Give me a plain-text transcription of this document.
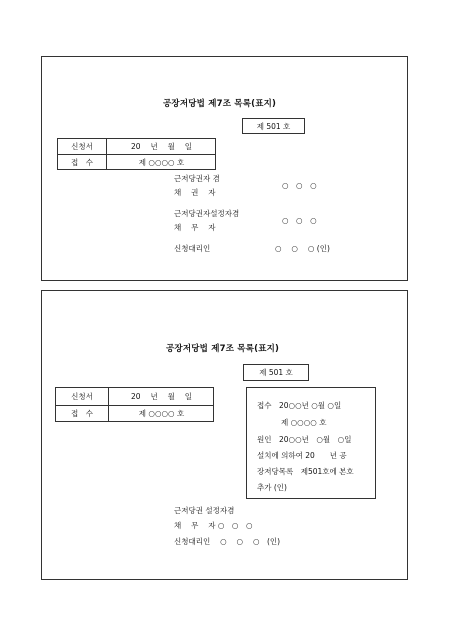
공장저당법 제7조 목록(표지)
제 501 호
신청서	20　 년　 월　 일
접　수	제 ○○○○ 호
근저당권자 겸
채　 권　 자
○　○　○
근저당권자설정자겸
채　 무　 자
○　○　○
신청대리인	○　 ○　 ○ (인)
공장저당법 제7조 목록(표지)
제 501 호
신청서	20　 년　 월　 일
접　수	제 ○○○○ 호
접수　20○○년 ○월 ○일
제 ○○○○ 호
원인　20○○년　○월　○일
설치에 의하여 20　　년 공
장저당목록　제501호에 본호
추가 (인)
근저당권 설정자겸
채　 무　 자 ○　○　○
신청대리인　 ○　 ○　 ○　(인)
